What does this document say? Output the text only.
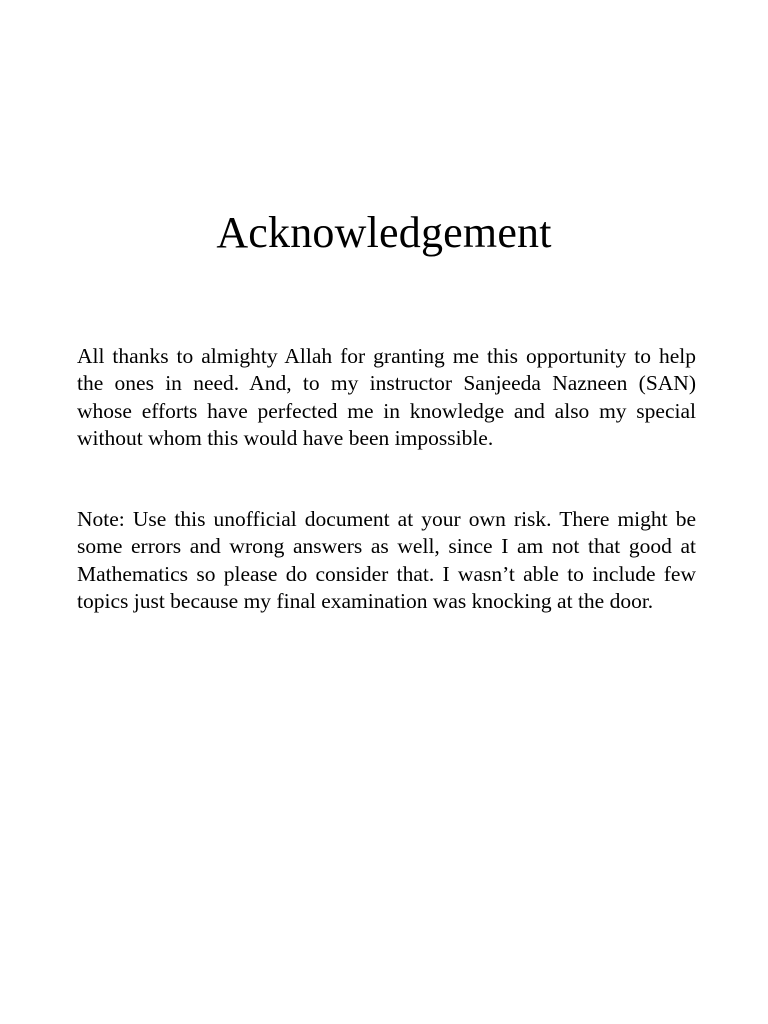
Acknowledgement

All thanks to almighty Allah for granting me this opportunity to help the ones in need. And, to my instructor Sanjeeda Nazneen (SAN) whose efforts have perfected me in knowledge and also my special without whom this would have been impossible.

Note: Use this unofficial document at your own risk. There might be some errors and wrong answers as well, since I am not that good at Mathematics so please do consider that. I wasn’t able to include few topics just because my final examination was knocking at the door.
